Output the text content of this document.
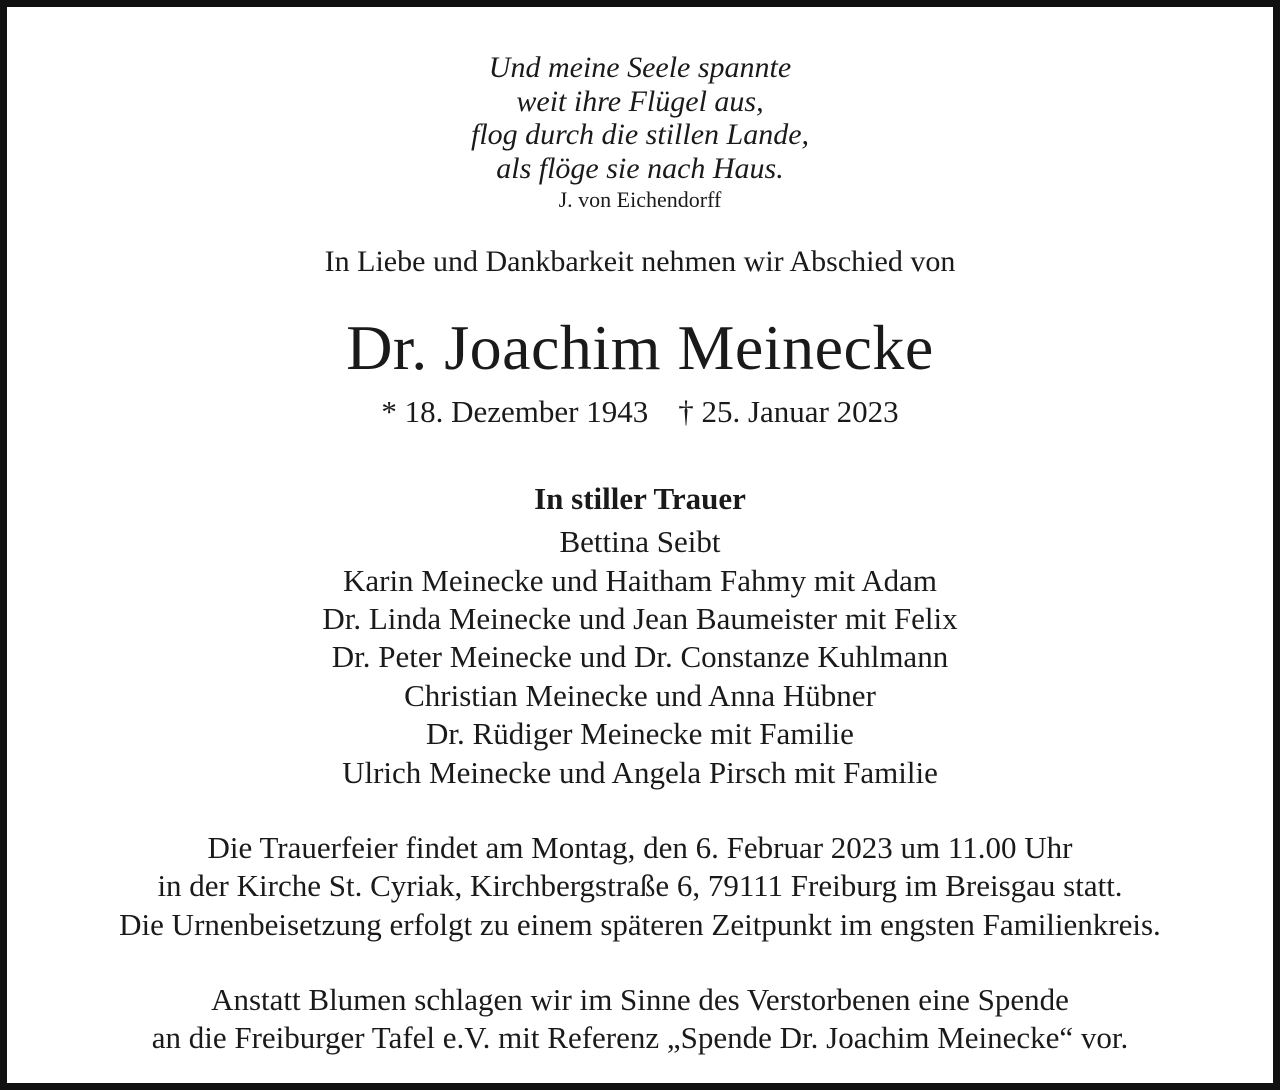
Und meine Seele spannte
weit ihre Flügel aus,
flog durch die stillen Lande,
als flöge sie nach Haus.
J. von Eichendorff
In Liebe und Dankbarkeit nehmen wir Abschied von
Dr. Joachim Meinecke
* 18. Dezember 1943 † 25. Januar 2023
In stiller Trauer
Bettina Seibt
Karin Meinecke und Haitham Fahmy mit Adam
Dr. Linda Meinecke und Jean Baumeister mit Felix
Dr. Peter Meinecke und Dr. Constanze Kuhlmann
Christian Meinecke und Anna Hübner
Dr. Rüdiger Meinecke mit Familie
Ulrich Meinecke und Angela Pirsch mit Familie
Die Trauerfeier findet am Montag, den 6. Februar 2023 um 11.00 Uhr
in der Kirche St. Cyriak, Kirchbergstraße 6, 79111 Freiburg im Breisgau statt.
Die Urnenbeisetzung erfolgt zu einem späteren Zeitpunkt im engsten Familienkreis.
Anstatt Blumen schlagen wir im Sinne des Verstorbenen eine Spende
an die Freiburger Tafel e.V. mit Referenz „Spende Dr. Joachim Meinecke“ vor.
